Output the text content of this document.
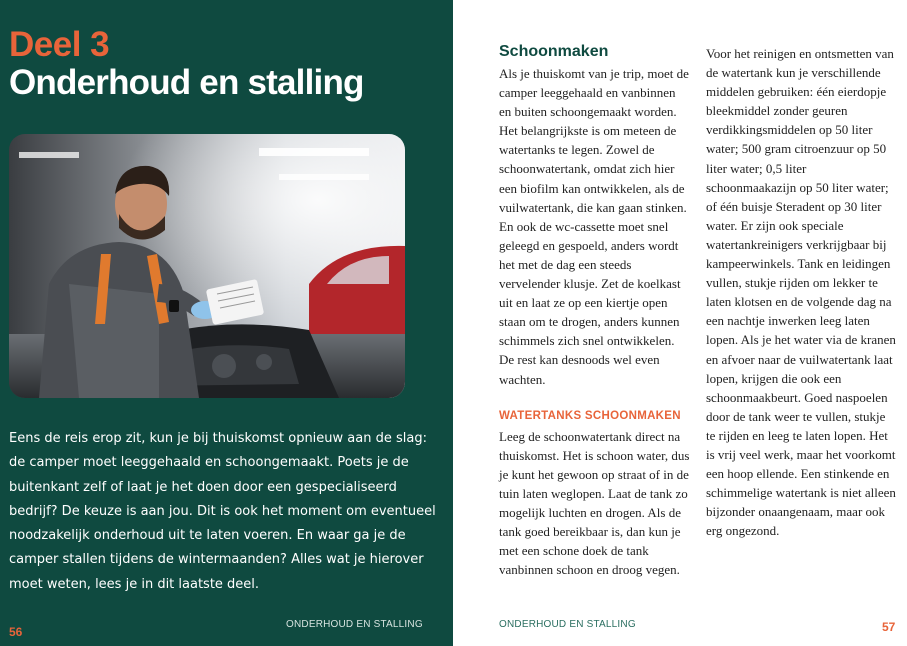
Deel 3
Onderhoud en stalling

Eens de reis erop zit, kun je bij thuiskomst opnieuw aan de slag: de camper moet leeggehaald en schoongemaakt. Poets je de buitenkant zelf of laat je het doen door een gespecialiseerd bedrijf? De keuze is aan jou. Dit is ook het moment om eventueel noodzakelijk onderhoud uit te laten voeren. En waar ga je de camper stallen tijdens de wintermaanden? Alles wat je hierover moet weten, lees je in dit laatste deel.

56
ONDERHOUD EN STALLING
Schoonmaken

Als je thuiskomt van je trip, moet de camper leeggehaald en vanbinnen en buiten schoongemaakt worden. Het belangrijkste is om meteen de watertanks te legen. Zowel de schoonwatertank, omdat zich hier een biofilm kan ontwikkelen, als de vuilwatertank, die kan gaan stinken. En ook de wc-cassette moet snel geleegd en gespoeld, anders wordt het met de dag een steeds vervelender klusje. Zet de koelkast uit en laat ze op een kiertje open staan om te drogen, anders kunnen schimmels zich snel ontwikkelen. De rest kan desnoods wel even wachten.

WATERTANKS SCHOONMAKEN

Leeg de schoonwatertank direct na thuiskomst. Het is schoon water, dus je kunt het gewoon op straat of in de tuin laten weglopen. Laat de tank zo mogelijk luchten en drogen. Als de tank goed bereikbaar is, dan kun je met een schone doek de tank vanbinnen schoon en droog vegen.

Voor het reinigen en ontsmetten van de watertank kun je verschillende middelen gebruiken: één eierdopje bleekmiddel zonder geuren verdikkingsmiddelen op 50 liter water; 500 gram citroenzuur op 50 liter water; 0,5 liter schoonmaakazijn op 50 liter water; of één buisje Steradent op 30 liter water. Er zijn ook speciale watertankreinigers verkrijgbaar bij kampeerwinkels. Tank en leidingen vullen, stukje rijden om lekker te laten klotsen en de volgende dag na een nachtje inwerken leeg laten lopen. Als je het water via de kranen en afvoer naar de vuilwatertank laat lopen, krijgen die ook een schoonmaakbeurt. Goed naspoelen door de tank weer te vullen, stukje te rijden en leeg te laten lopen. Het is vrij veel werk, maar het voorkomt een hoop ellende. Een stinkende en schimmelige watertank is niet alleen bijzonder onaangenaam, maar ook erg ongezond.

ONDERHOUD EN STALLING	57
